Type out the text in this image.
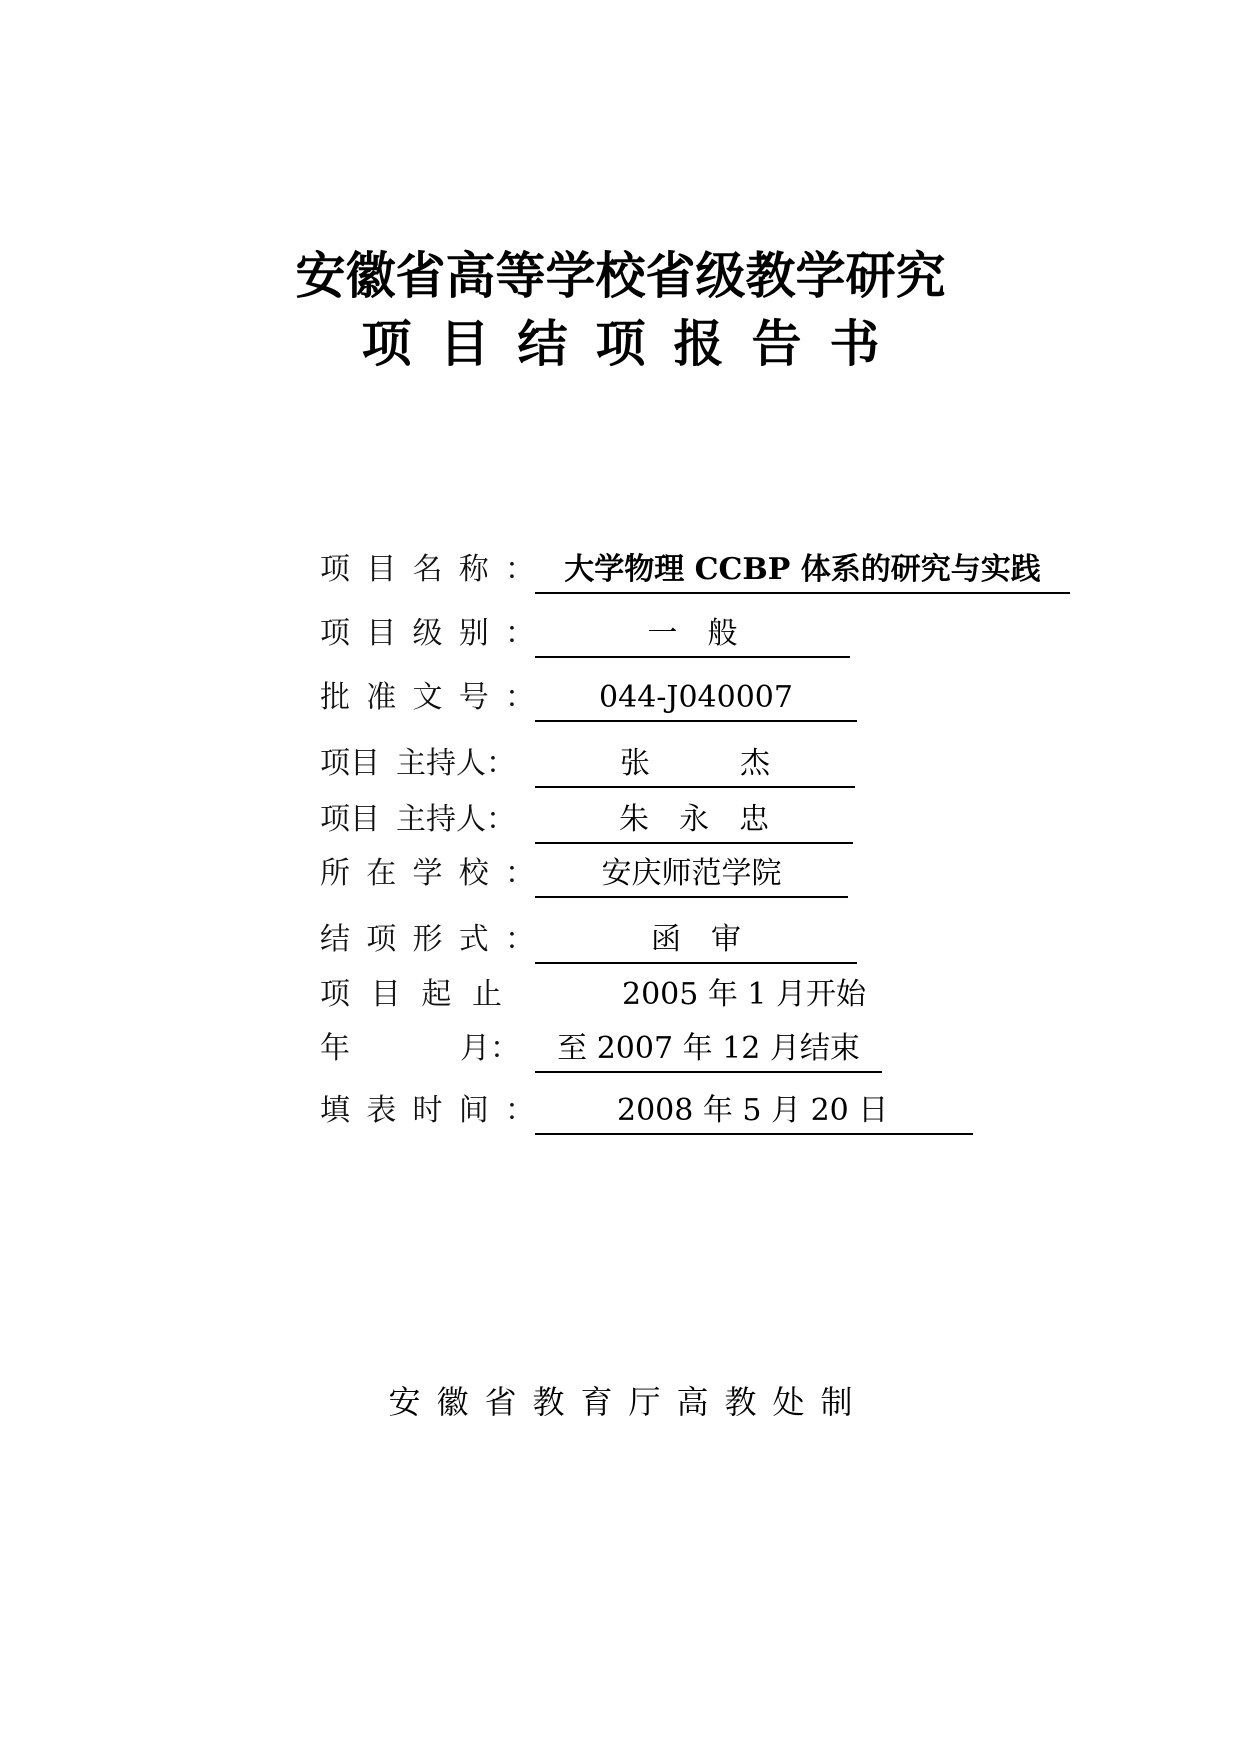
安徽省高等学校省级教学研究
项目结项报告书
项 目 名 称 ： 大学物理 CCBP 体系的研究与实践
项 目 级 别 ：	一　般
批 准 文 号 ：	044-J040007
项目 主持人：	张　　　杰
项目 主持人：	朱　永　忠
所 在 学 校 ：	安庆师范学院
结 项 形 式 ：	函　审
项 目 起 止	2005 年 1 月开始
年	月：	至 2007 年 12 月结束
填 表 时 间 ：	2008 年 5 月 20 日
安徽省教育厅高教处制
